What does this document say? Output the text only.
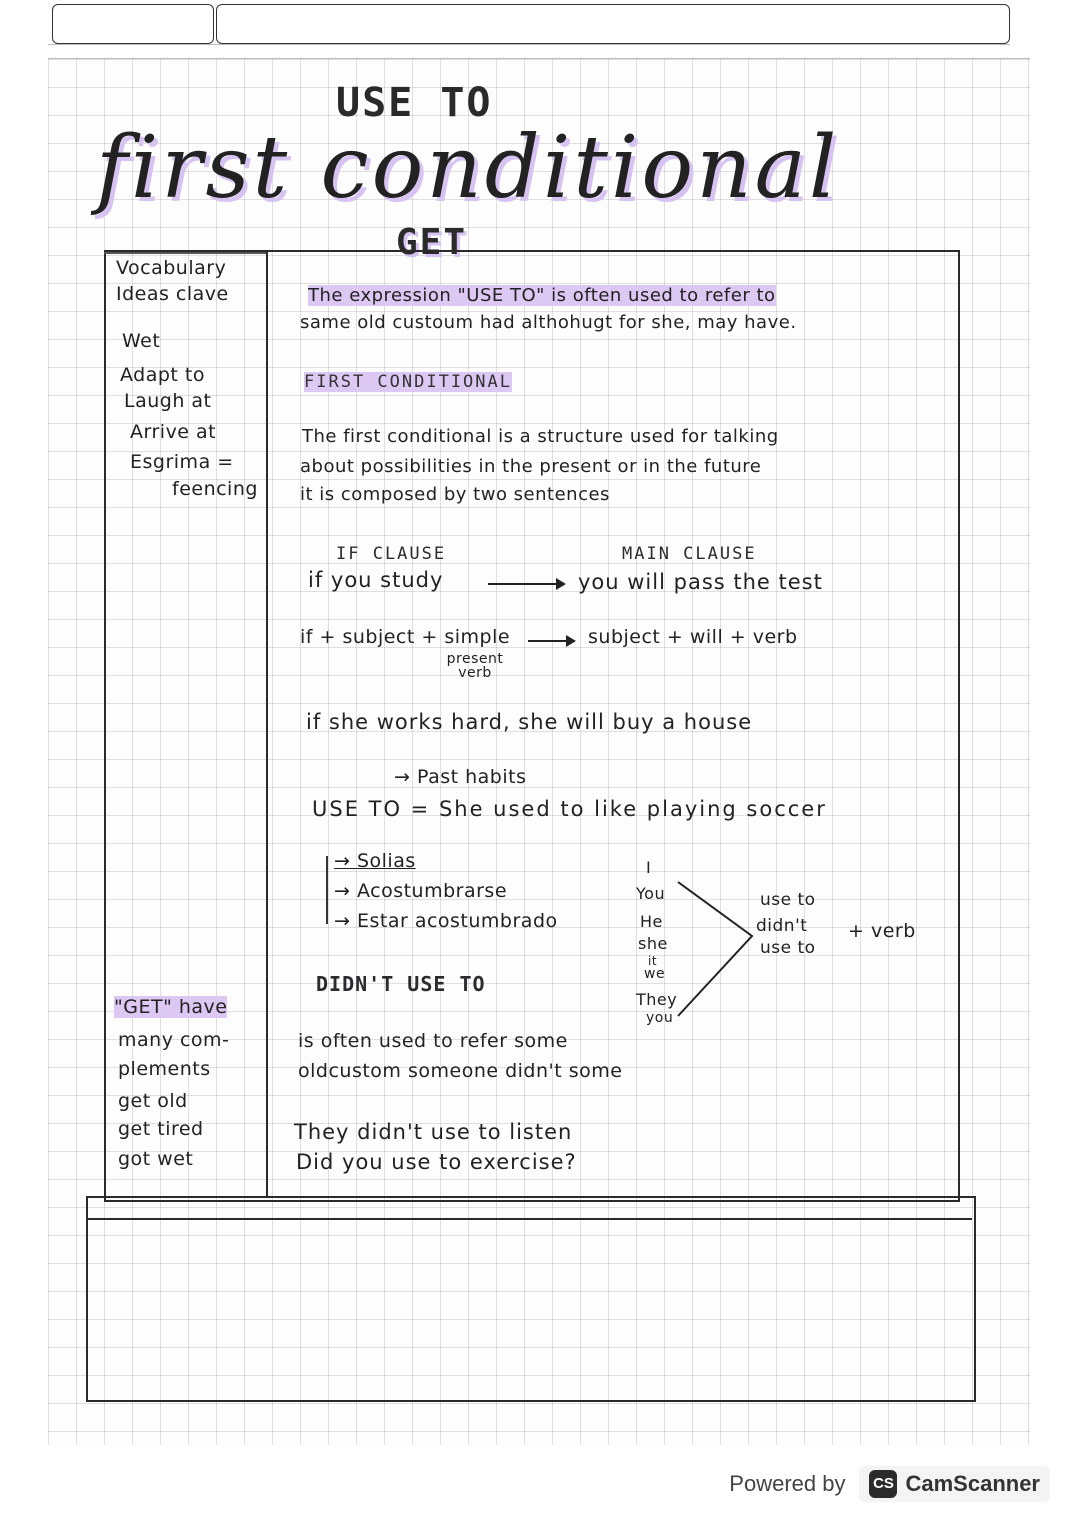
USE TO
first conditional
GET
Vocabulary
Ideas clave
Wet
Adapt to
Laugh at
Arrive at
Esgrima =
feencing
"GET" have
many com-
plements
get old
get tired
got wet
The expression "USE TO" is often used to refer to
same old custoum had althohugt for she, may have.
FIRST CONDITIONAL
The first conditional is a structure used for talking
about possibilities in the present or in the future
it is composed by two sentences
IF CLAUSE	MAIN CLAUSE
if you study	you will pass the test
if + subject + simple
present verb
subject + will + verb
if she works hard, she will buy a house
→ Past habits
USE TO = She used to like playing soccer
→ Solias
→ Acostumbrarse
→ Estar acostumbrado
I
You
He
she
it
we
They
you
use to
didn't
use to
+ verb
DIDN'T USE TO
is often used to refer some
oldcustom someone didn't some
They didn't use to listen
Did you use to exercise?
Powered by CS CamScanner
